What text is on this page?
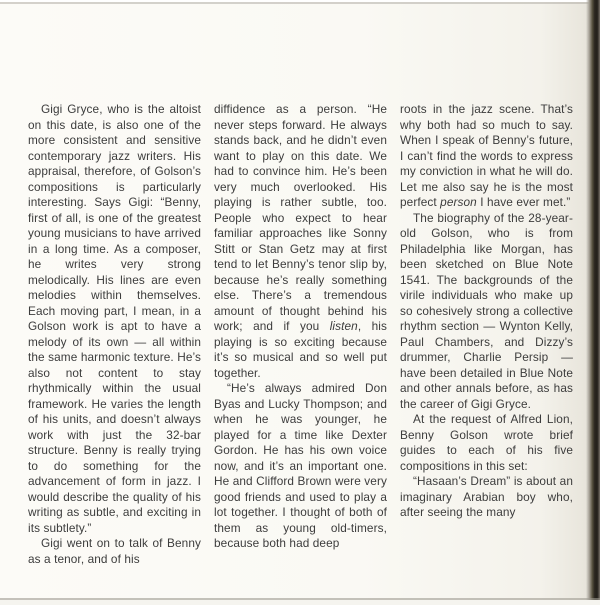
Gigi Gryce, who is the altoist on this date, is also one of the more consistent and sensitive contemporary jazz writers. His appraisal, therefore, of Golson’s compositions is particularly interesting. Says Gigi: “Benny, first of all, is one of the greatest young musicians to have arrived in a long time. As a composer, he writes very strong melodically. His lines are even melodies within themselves. Each moving part, I mean, in a Golson work is apt to have a melody of its own — all within the same harmonic texture. He’s also not content to stay rhythmically within the usual framework. He varies the length of his units, and doesn’t always work with just the 32-bar structure. Benny is really trying to do something for the advancement of form in jazz. I would describe the quality of his writing as subtle, and exciting in its subtlety.”

Gigi went on to talk of Benny as a tenor, and of his

diffidence as a person. “He never steps forward. He always stands back, and he didn’t even want to play on this date. We had to convince him. He’s been very much overlooked. His playing is rather subtle, too. People who expect to hear familiar approaches like Sonny Stitt or Stan Getz may at first tend to let Benny’s tenor slip by, because he’s really something else. There’s a tremendous amount of thought behind his work; and if you listen, his playing is so exciting because it’s so musical and so well put together.

“He’s always admired Don Byas and Lucky Thompson; and when he was younger, he played for a time like Dexter Gordon. He has his own voice now, and it’s an important one. He and Clifford Brown were very good friends and used to play a lot together. I thought of both of them as young old-timers, because both had deep

roots in the jazz scene. That’s why both had so much to say. When I speak of Benny’s future, I can’t find the words to express my conviction in what he will do. Let me also say he is the most perfect person I have ever met.”

The biography of the 28-year-old Golson, who is from Philadelphia like Morgan, has been sketched on Blue Note 1541. The backgrounds of the virile individuals who make up so cohesively strong a collective rhythm section — Wynton Kelly, Paul Chambers, and Dizzy’s drummer, Charlie Persip — have been detailed in Blue Note and other annals before, as has the career of Gigi Gryce.

At the request of Alfred Lion, Benny Golson wrote brief guides to each of his five compositions in this set:

“Hasaan’s Dream” is about an imaginary Arabian boy who, after seeing the many
